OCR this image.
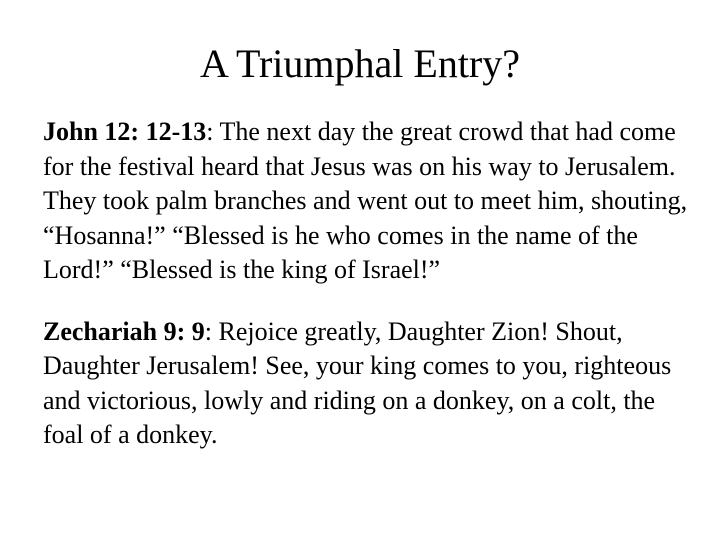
A Triumphal Entry?

John 12: 12-13: The next day the great crowd that had come for the festival heard that Jesus was on his way to Jerusalem. They took palm branches and went out to meet him, shouting, “Hosanna!” “Blessed is he who comes in the name of the Lord!” “Blessed is the king of Israel!”

Zechariah 9: 9: Rejoice greatly, Daughter Zion! Shout, Daughter Jerusalem! See, your king comes to you, righteous and victorious, lowly and riding on a donkey, on a colt, the foal of a donkey.
